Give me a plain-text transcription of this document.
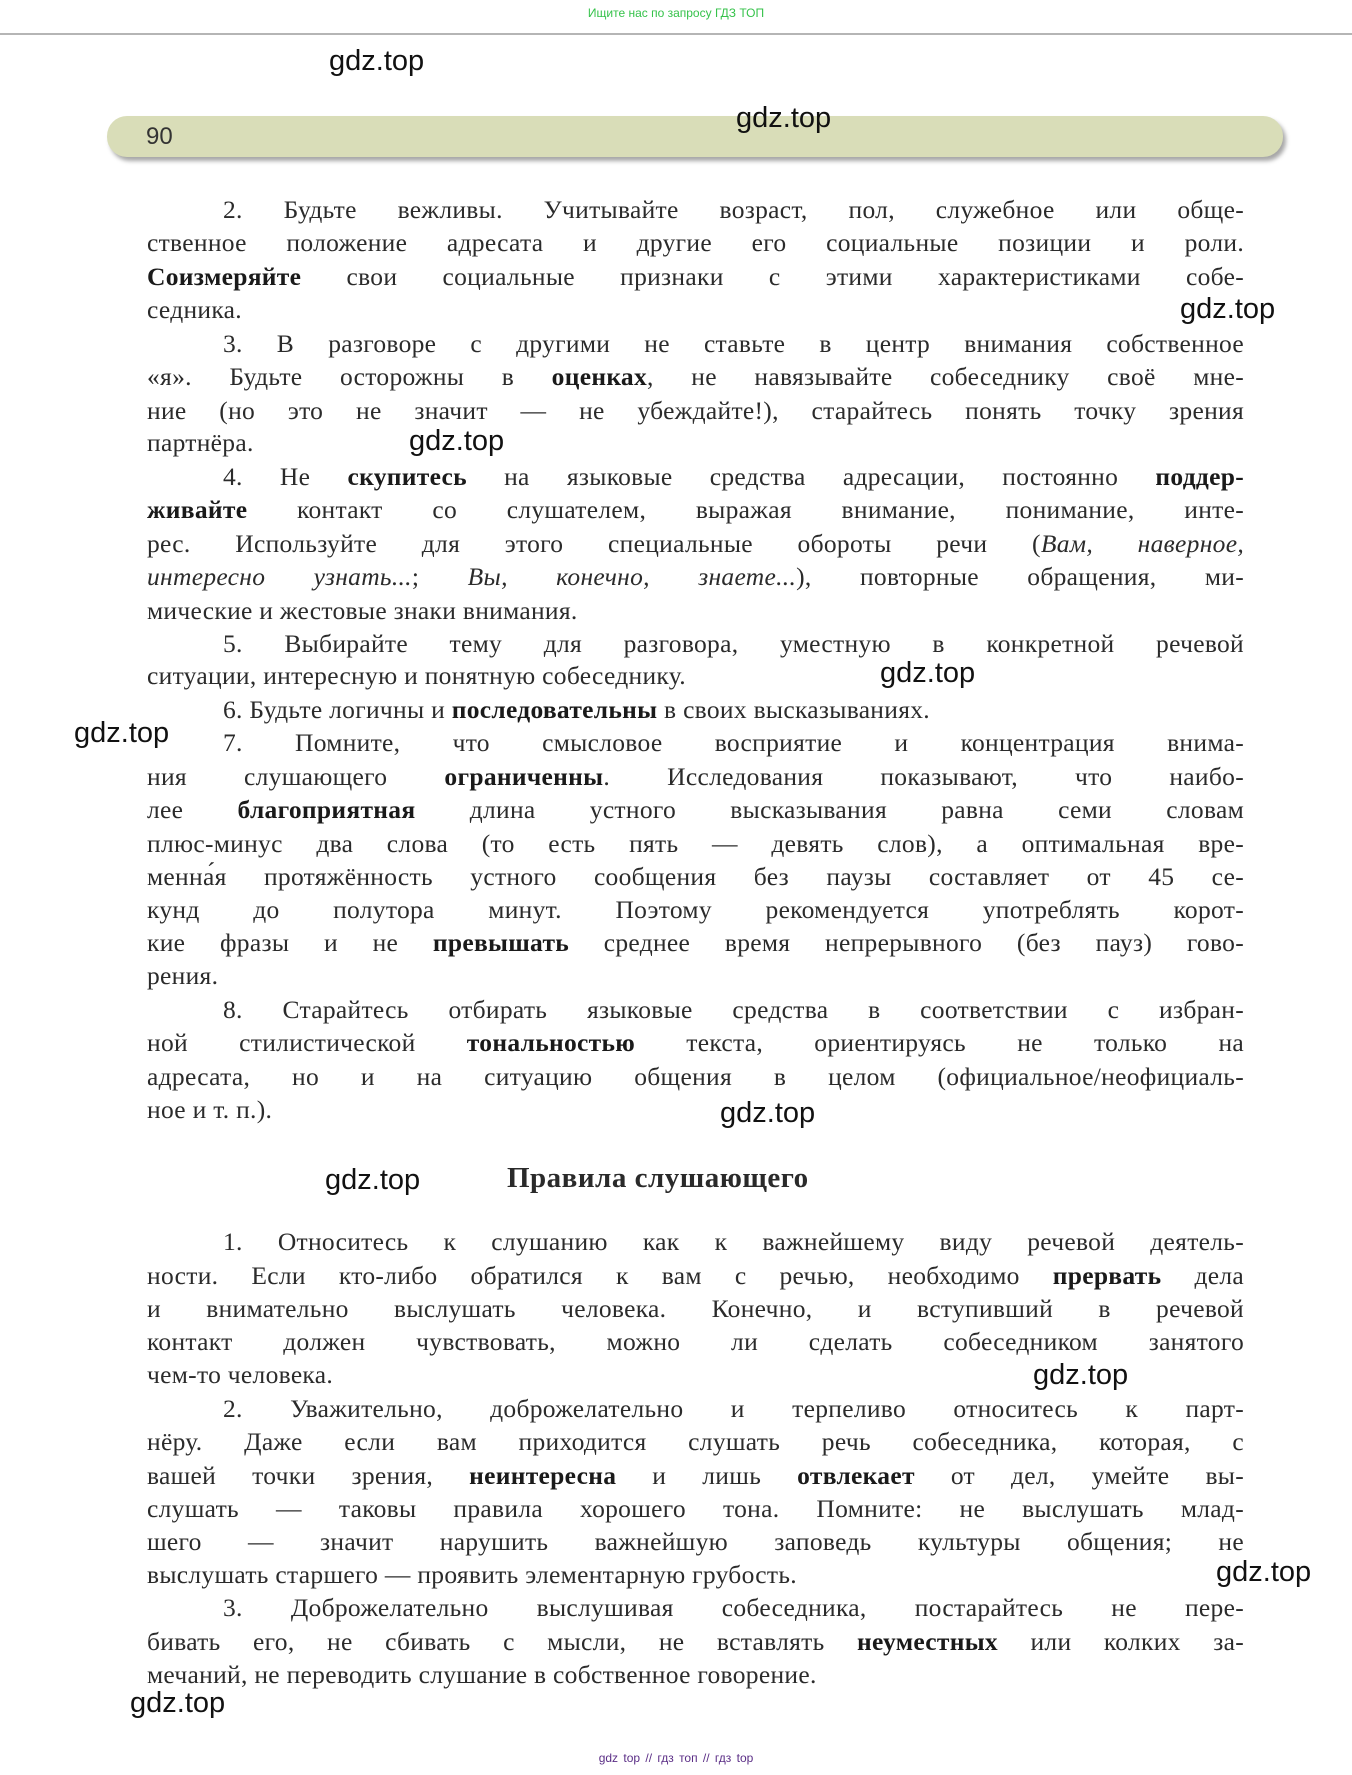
Ищите нас по запросу ГДЗ ТОП
90
2. Будьте вежливы. Учитывайте возраст, пол, служебное или обще-
ственное положение адресата и другие его социальные позиции и роли.
Соизмеряйте свои социальные признаки с этими характеристиками собе-
седника.
3. В разговоре с другими не ставьте в центр внимания собственное
«я». Будьте осторожны в оценках, не навязывайте собеседнику своё мне-
ние (но это не значит — не убеждайте!), старайтесь понять точку зрения
партнёра.
4. Не скупитесь на языковые средства адресации, постоянно поддер-
живайте контакт со слушателем, выражая внимание, понимание, инте-
рес. Используйте для этого специальные обороты речи (Вам, наверное,
интересно узнать...; Вы, конечно, знаете...), повторные обращения, ми-
мические и жестовые знаки внимания.
5. Выбирайте тему для разговора, уместную в конкретной речевой
ситуации, интересную и понятную собеседнику.
6. Будьте логичны и последовательны в своих высказываниях.
7. Помните, что смысловое восприятие и концентрация внима-
ния слушающего ограниченны. Исследования показывают, что наибо-
лее благоприятная длина устного высказывания равна семи словам
плюс-минус два слова (то есть пять — девять слов), а оптимальная вре-
менна́я протяжённость устного сообщения без паузы составляет от 45 се-
кунд до полутора минут. Поэтому рекомендуется употреблять корот-
кие фразы и не превышать среднее время непрерывного (без пауз) гово-
рения.
8. Старайтесь отбирать языковые средства в соответствии с избран-
ной стилистической тональностью текста, ориентируясь не только на
адресата, но и на ситуацию общения в целом (официальное/неофициаль-
ное и т. п.).
Правила слушающего
1. Относитесь к слушанию как к важнейшему виду речевой деятель-
ности. Если кто-либо обратился к вам с речью, необходимо прервать дела
и внимательно выслушать человека. Конечно, и вступивший в речевой
контакт должен чувствовать, можно ли сделать собеседником занятого
чем-то человека.
2. Уважительно, доброжелательно и терпеливо относитесь к парт-
нёру. Даже если вам приходится слушать речь собеседника, которая, с
вашей точки зрения, неинтересна и лишь отвлекает от дел, умейте вы-
слушать — таковы правила хорошего тона. Помните: не выслушать млад-
шего — значит нарушить важнейшую заповедь культуры общения; не
выслушать старшего — проявить элементарную грубость.
3. Доброжелательно выслушивая собеседника, постарайтесь не пере-
бивать его, не сбивать с мысли, не вставлять неуместных или колких за-
мечаний, не переводить слушание в собственное говорение.
gdz.top
gdz.top
gdz.top
gdz.top
gdz.top
gdz.top
gdz.top
gdz.top
gdz.top
gdz.top
gdz.top
gdz top // гдз топ // гдз top
